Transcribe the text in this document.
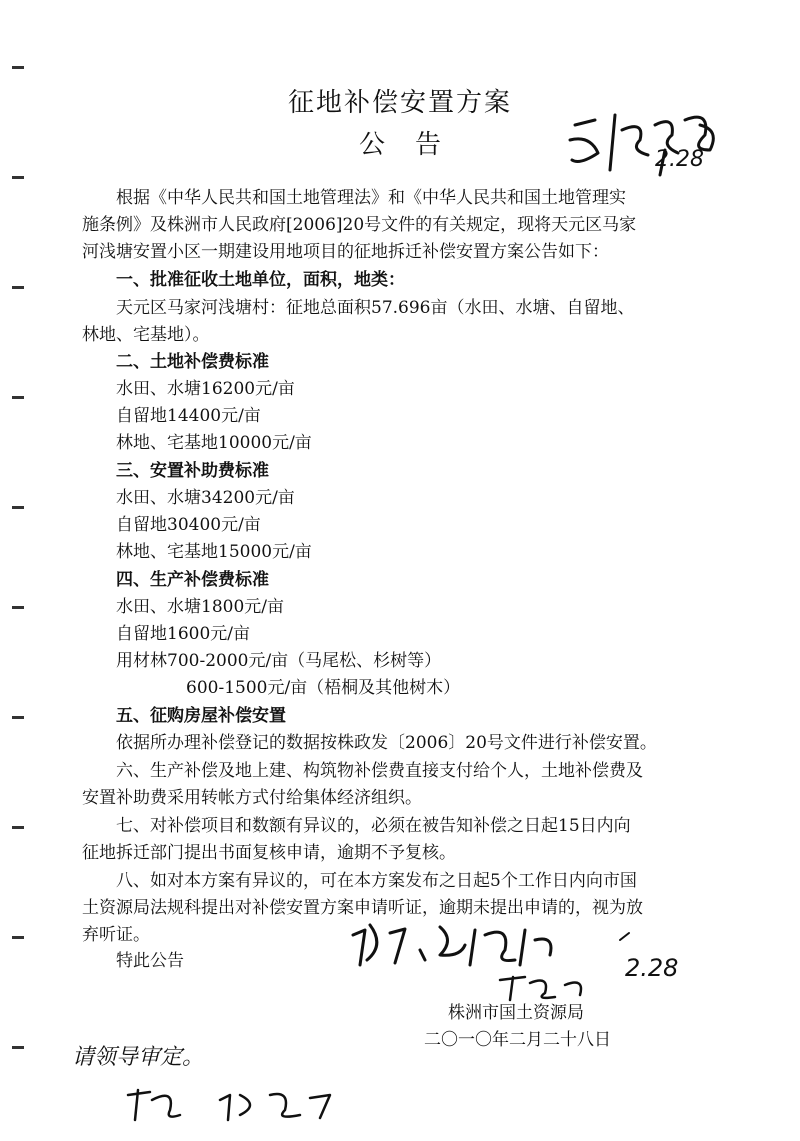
征地补偿安置方案
公告	2.28
根据《中华人民共和国土地管理法》和《中华人民共和国土地管理实
施条例》及株洲市人民政府[2006]20号文件的有关规定，现将天元区马家
河浅塘安置小区一期建设用地项目的征地拆迁补偿安置方案公告如下：
一、批准征收土地单位，面积，地类：
天元区马家河浅塘村：征地总面积57.696亩（水田、水塘、自留地、
林地、宅基地）。
二、土地补偿费标准
水田、水塘16200元/亩
自留地14400元/亩
林地、宅基地10000元/亩
三、安置补助费标准
水田、水塘34200元/亩
自留地30400元/亩
林地、宅基地15000元/亩
四、生产补偿费标准
水田、水塘1800元/亩
自留地1600元/亩
用材林700-2000元/亩（马尾松、杉树等）
600-1500元/亩（梧桐及其他树木）
五、征购房屋补偿安置
依据所办理补偿登记的数据按株政发〔2006〕20号文件进行补偿安置。
六、生产补偿及地上建、构筑物补偿费直接支付给个人，土地补偿费及
安置补助费采用转帐方式付给集体经济组织。
七、对补偿项目和数额有异议的，必须在被告知补偿之日起15日内向
征地拆迁部门提出书面复核申请，逾期不予复核。
八、如对本方案有异议的，可在本方案发布之日起5个工作日内向市国
土资源局法规科提出对补偿安置方案申请听证，逾期未提出申请的，视为放
弃听证。
特此公告	2.28
株洲市国土资源局
二〇一〇年二月二十八日
请领导审定。
